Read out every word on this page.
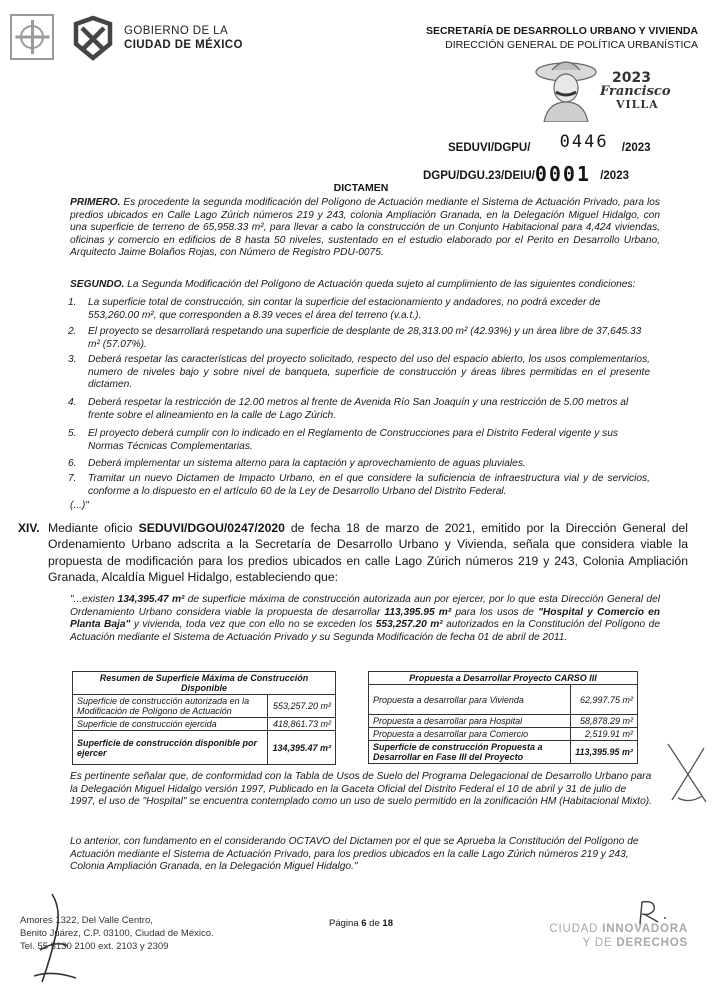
GOBIERNO DE LA
CIUDAD DE MÉXICO
SECRETARÍA DE DESARROLLO URBANO Y VIVIENDA
DIRECCIÓN GENERAL DE POLÍTICA URBANÍSTICA
2023
Francisco
VILLA
SEDUVI/DGPU/ 0446 /2023
DGPU/DGU.23/DEIU/0001 /2023
DICTAMEN
PRIMERO. Es procedente la segunda modificación del Polígono de Actuación mediante el Sistema de Actuación Privado, para los predios ubicados en Calle Lago Zúrich números 219 y 243, colonia Ampliación Granada, en la Delegación Miguel Hidalgo, con una superficie de terreno de 65,958.33 m², para llevar a cabo la construcción de un Conjunto Habitacional para 4,424 viviendas, oficinas y comercio en edificios de 8 hasta 50 niveles, sustentado en el estudio elaborado por el Perito en Desarrollo Urbano, Arquitecto Jaime Bolaños Rojas, con Número de Registro PDU-0075.
SEGUNDO. La Segunda Modificación del Polígono de Actuación queda sujeto al cumplimiento de las siguientes condiciones:
1. La superficie total de construcción, sin contar la superficie del estacionamiento y andadores, no podrá exceder de 553,260.00 m², que corresponden a 8.39 veces el área del terreno (v.a.t.).
2. El proyecto se desarrollará respetando una superficie de desplante de 28,313.00 m² (42.93%) y un área libre de 37,645.33 m² (57.07%).
3. Deberá respetar las características del proyecto solicitado, respecto del uso del espacio abierto, los usos complementarios, numero de niveles bajo y sobre nivel de banqueta, superficie de construcción y áreas libres permitidas en el presente dictamen.
4. Deberá respetar la restricción de 12.00 metros al frente de Avenida Río San Joaquín y una restricción de 5.00 metros al frente sobre el alineamiento en la calle de Lago Zúrich.
5. El proyecto deberá cumplir con lo indicado en el Reglamento de Construcciones para el Distrito Federal vigente y sus Normas Técnicas Complementarias.
6. Deberá implementar un sistema alterno para la captación y aprovechamiento de aguas pluviales.
7. Tramitar un nuevo Dictamen de Impacto Urbano, en el que considere la suficiencia de infraestructura vial y de servicios, conforme a lo dispuesto en el artículo 60 de la Ley de Desarrollo Urbano del Distrito Federal.
(...)"
XIV. Mediante oficio SEDUVI/DGOU/0247/2020 de fecha 18 de marzo de 2021, emitido por la Dirección General del Ordenamiento Urbano adscrita a la Secretaría de Desarrollo Urbano y Vivienda, señala que considera viable la propuesta de modificación para los predios ubicados en calle Lago Zúrich números 219 y 243, Colonia Ampliación Granada, Alcaldía Miguel Hidalgo, estableciendo que:
"...existen 134,395.47 m² de superficie máxima de construcción autorizada aun por ejercer, por lo que esta Dirección General del Ordenamiento Urbano considera viable la propuesta de desarrollar 113,395.95 m² para los usos de "Hospital y Comercio en Planta Baja" y vivienda, toda vez que con ello no se exceden los 553,257.20 m² autorizados en la Constitución del Polígono de Actuación mediante el Sistema de Actuación Privado y su Segunda Modificación de fecha 01 de abril de 2011.
Resumen de Superficie Máxima de Construcción Disponible	
Superficie de construcción autorizada en la Modificación de Polígono de Actuación	553,257.20 m²
Superficie de construcción ejercida	418,861.73 m²
Superficie de construcción disponible por ejercer	134,395.47 m²
Propuesta a Desarrollar Proyecto CARSO III	
Propuesta a desarrollar para Vivienda	62,997.75 m²
Propuesta a desarrollar para Hospital	58,878.29 m²
Propuesta a desarrollar para Comercio	2,519.91 m²
Superficie de construcción Propuesta a Desarrollar en Fase III del Proyecto	113,395.95 m²
Es pertinente señalar que, de conformidad con la Tabla de Usos de Suelo del Programa Delegacional de Desarrollo Urbano para la Delegación Miguel Hidalgo versión 1997, Publicado en la Gaceta Oficial del Distrito Federal el 10 de abril y 31 de julio de 1997, el uso de "Hospital" se encuentra contemplado como un uso de suelo permitido en la zonificación HM (Habitacional Mixto).
Lo anterior, con fundamento en el considerando OCTAVO del Dictamen por el que se Aprueba la Constitución del Polígono de Actuación mediante el Sistema de Actuación Privado, para los predios ubicados en la calle Lago Zúrich números 219 y 243, Colonia Ampliación Granada, en la Delegación Miguel Hidalgo."
Amores 1322, Del Valle Centro,
Benito Juárez, C.P. 03100, Ciudad de México.
Tel. 55 5130 2100 ext. 2103 y 2309
Página 6 de 18	CIUDAD INNOVADORA
Y DE DERECHOS
